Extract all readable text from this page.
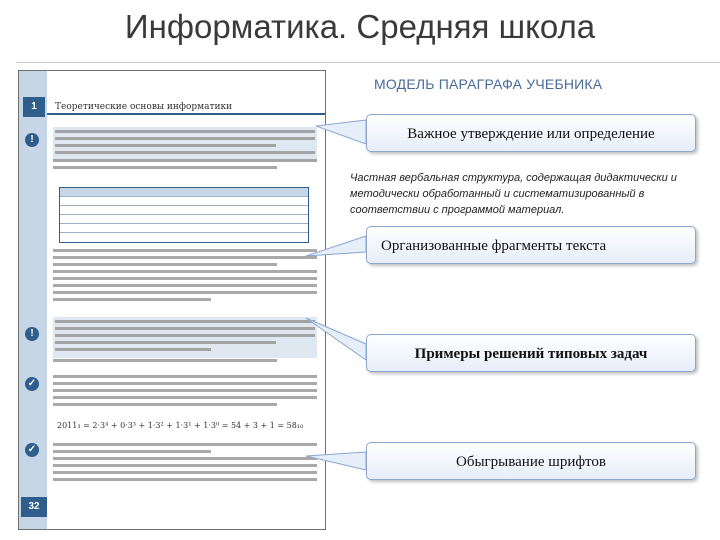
Информатика. Средняя школа
1	Теоретические основы информатики
!
!
✓
2011₃ = 2·3⁴ + 0·3³ + 1·3² + 1·3¹ + 1·3⁰ = 54 + 3 + 1 = 58₁₀
✓
32
МОДЕЛЬ ПАРАГРАФА УЧЕБНИКА
Важное утверждение или определение
Частная вербальная структура, содержащая дидактически и методически обработанный и систематизированный в соответствии с программой материал.
Организованные фрагменты текста
Примеры решений типовых задач
Обыгрывание шрифтов
